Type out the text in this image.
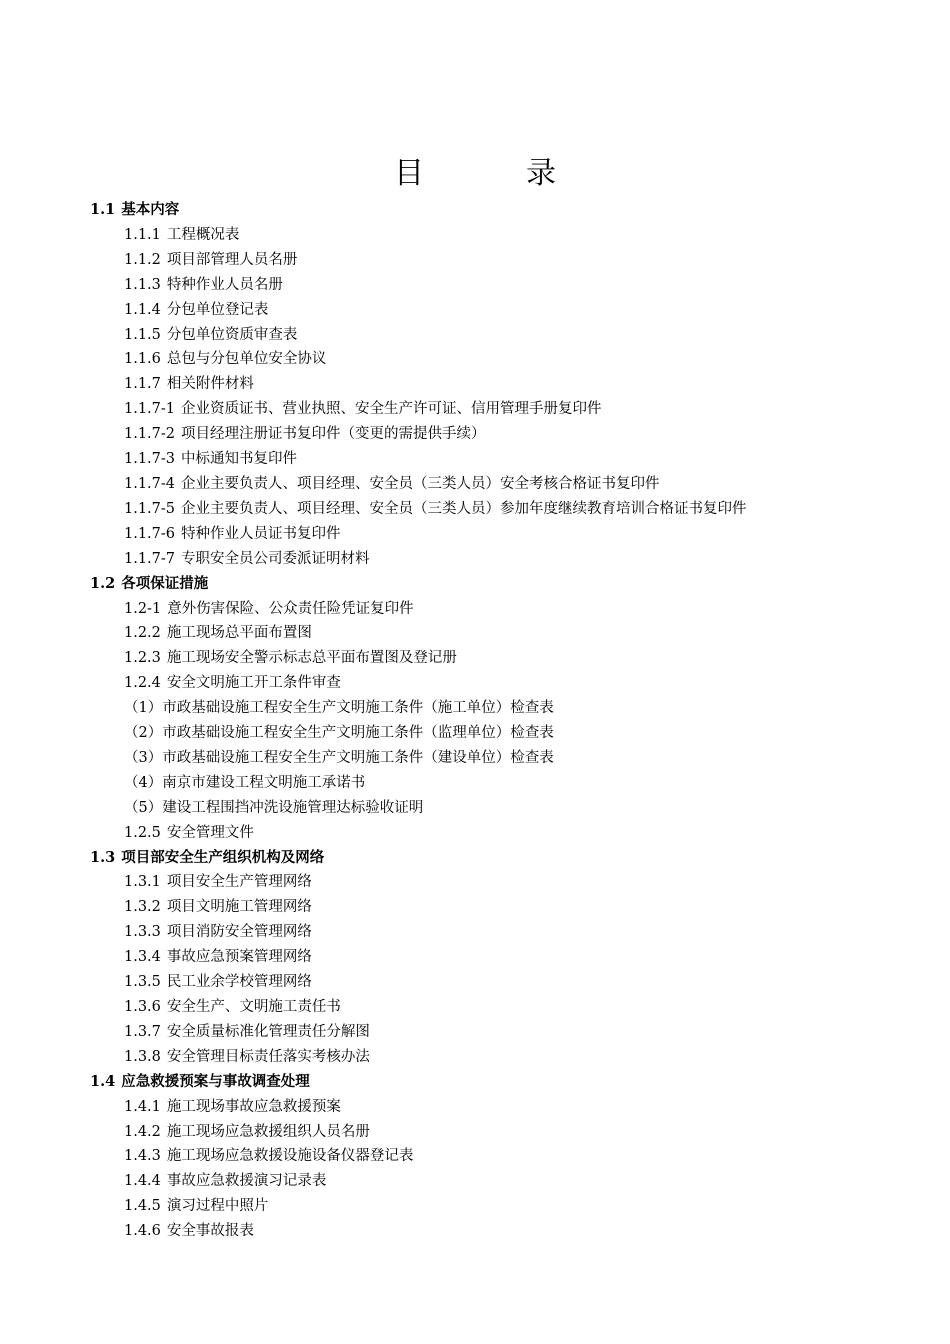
目　录
1.1 基本内容
1.1.1 工程概况表
1.1.2 项目部管理人员名册
1.1.3 特种作业人员名册
1.1.4 分包单位登记表
1.1.5 分包单位资质审查表
1.1.6 总包与分包单位安全协议
1.1.7 相关附件材料
1.1.7-1 企业资质证书、营业执照、安全生产许可证、信用管理手册复印件
1.1.7-2 项目经理注册证书复印件（变更的需提供手续）
1.1.7-3 中标通知书复印件
1.1.7-4 企业主要负责人、项目经理、安全员（三类人员）安全考核合格证书复印件
1.1.7-5 企业主要负责人、项目经理、安全员（三类人员）参加年度继续教育培训合格证书复印件
1.1.7-6 特种作业人员证书复印件
1.1.7-7 专职安全员公司委派证明材料
1.2 各项保证措施
1.2-1 意外伤害保险、公众责任险凭证复印件
1.2.2 施工现场总平面布置图
1.2.3 施工现场安全警示标志总平面布置图及登记册
1.2.4 安全文明施工开工条件审查
（1）市政基础设施工程安全生产文明施工条件（施工单位）检查表
（2）市政基础设施工程安全生产文明施工条件（监理单位）检查表
（3）市政基础设施工程安全生产文明施工条件（建设单位）检查表
（4）南京市建设工程文明施工承诺书
（5）建设工程围挡冲洗设施管理达标验收证明
1.2.5 安全管理文件
1.3 项目部安全生产组织机构及网络
1.3.1 项目安全生产管理网络
1.3.2 项目文明施工管理网络
1.3.3 项目消防安全管理网络
1.3.4 事故应急预案管理网络
1.3.5 民工业余学校管理网络
1.3.6 安全生产、文明施工责任书
1.3.7 安全质量标准化管理责任分解图
1.3.8 安全管理目标责任落实考核办法
1.4 应急救援预案与事故调查处理
1.4.1 施工现场事故应急救援预案
1.4.2 施工现场应急救援组织人员名册
1.4.3 施工现场应急救援设施设备仪器登记表
1.4.4 事故应急救援演习记录表
1.4.5 演习过程中照片
1.4.6 安全事故报表
